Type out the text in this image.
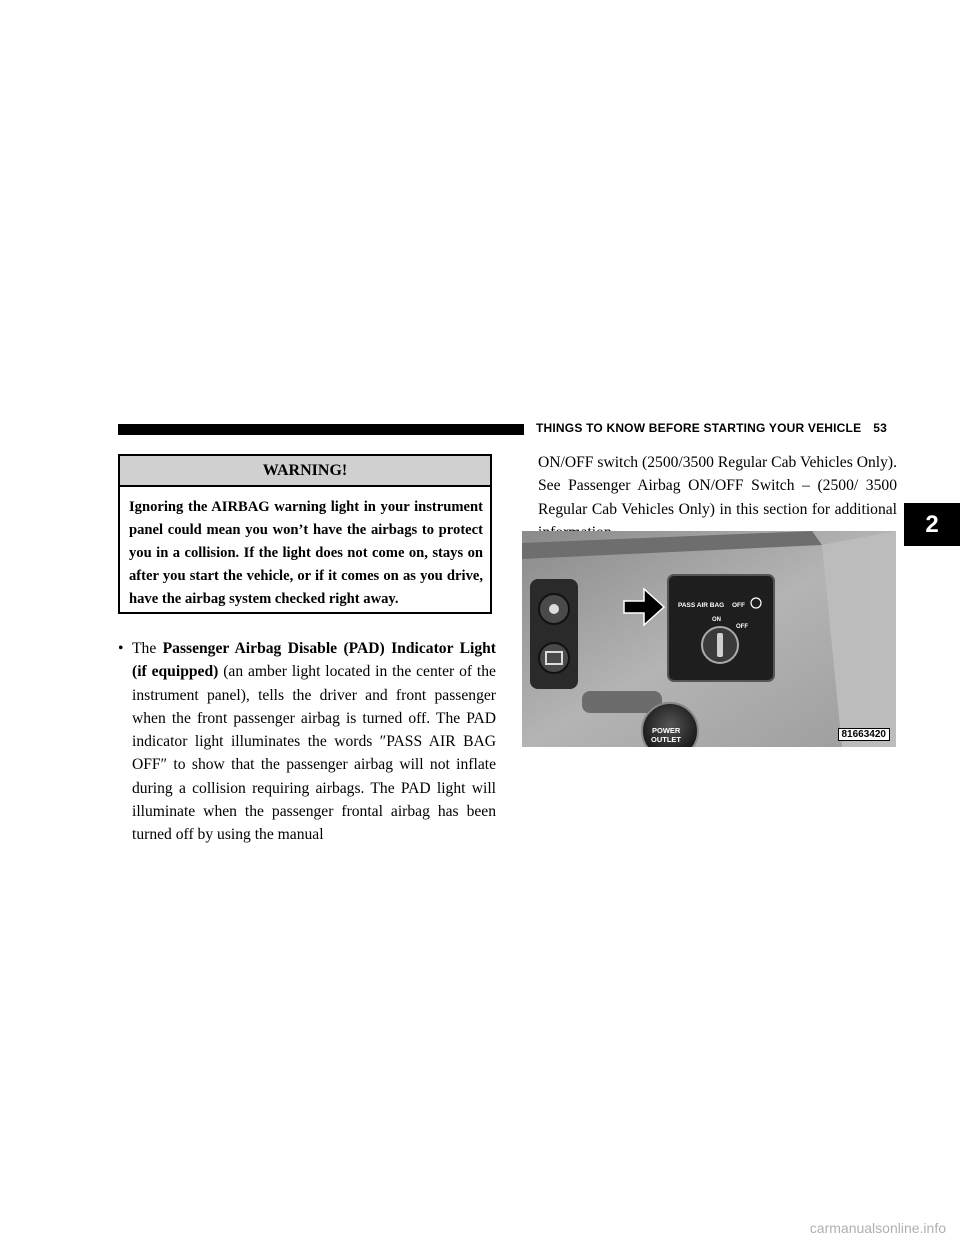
THINGS TO KNOW BEFORE STARTING YOUR VEHICLE 53
2
WARNING!
Ignoring the AIRBAG warning light in your instrument panel could mean you won’t have the airbags to protect you in a collision. If the light does not come on, stays on after you start the vehicle, or if it comes on as you drive, have the airbag system checked right away.
• The Passenger Airbag Disable (PAD) Indicator Light (if equipped) (an amber light located in the center of the instrument panel), tells the driver and front passenger when the front passenger airbag is turned off. The PAD indicator light illuminates the words ″PASS AIR BAG OFF″ to show that the passenger airbag will not inflate during a collision requiring airbags. The PAD light will illuminate when the passenger frontal airbag has been turned off by using the manual
ON/OFF switch (2500/3500 Regular Cab Vehicles Only). See Passenger Airbag ON/OFF Switch – (2500/ 3500 Regular Cab Vehicles Only) in this section for additional
PASS AIR BAG OFF
ON
OFF
POWER
OUTLET	81663420
carmanualsonline.info
